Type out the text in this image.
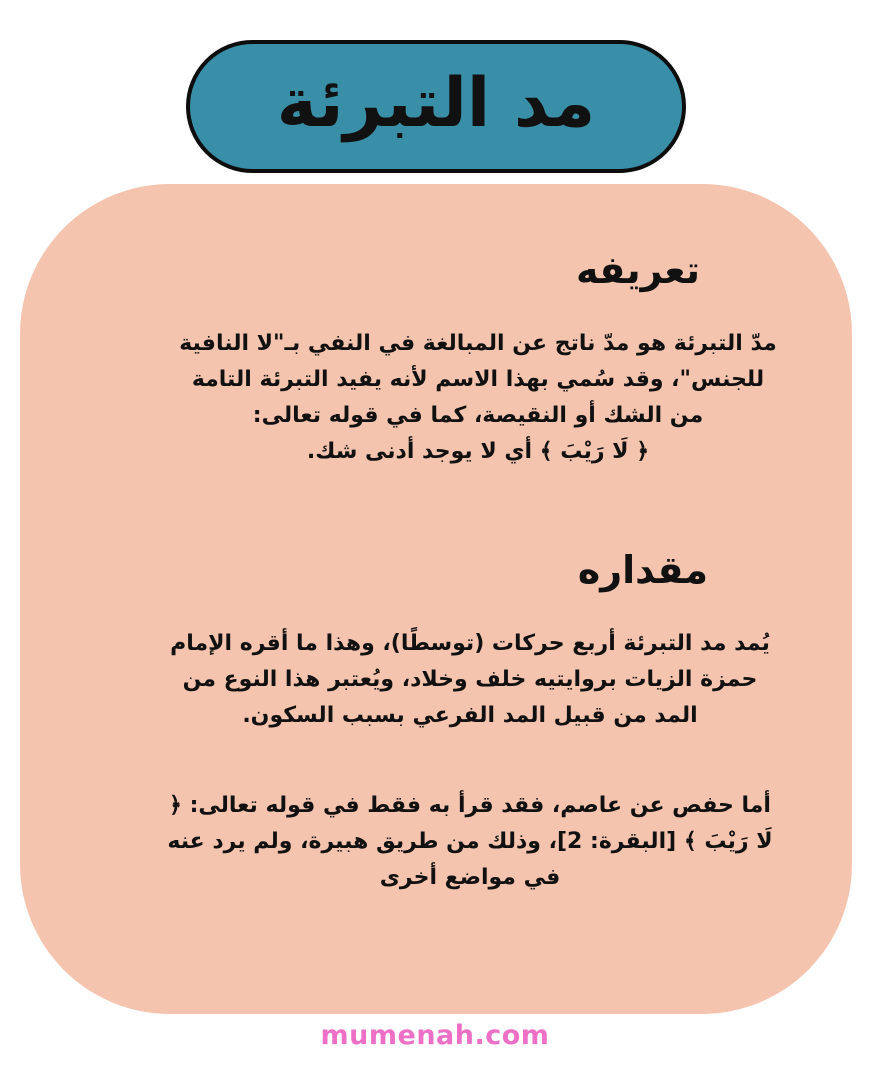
مد التبرئة
تعريفه
مدّ التبرئة هو مدّ ناتج عن المبالغة في النفي بـ"لا النافية
للجنس"، وقد سُمي بهذا الاسم لأنه يفيد التبرئة التامة
من الشك أو النقيصة، كما في قوله تعالى:
﴿ لَا رَيْبَ ﴾ أي لا يوجد أدنى شك.
مقداره
يُمد مد التبرئة أربع حركات (توسطًا)، وهذا ما أقره الإمام
حمزة الزيات بروايتيه خلف وخلاد، ويُعتبر هذا النوع من
المد من قبيل المد الفرعي بسبب السكون.
أما حفص عن عاصم، فقد قرأ به فقط في قوله تعالى: ﴿
لَا رَيْبَ ﴾ [البقرة: 2]، وذلك من طريق هبيرة، ولم يرد عنه
في مواضع أخرى
mumenah.com
